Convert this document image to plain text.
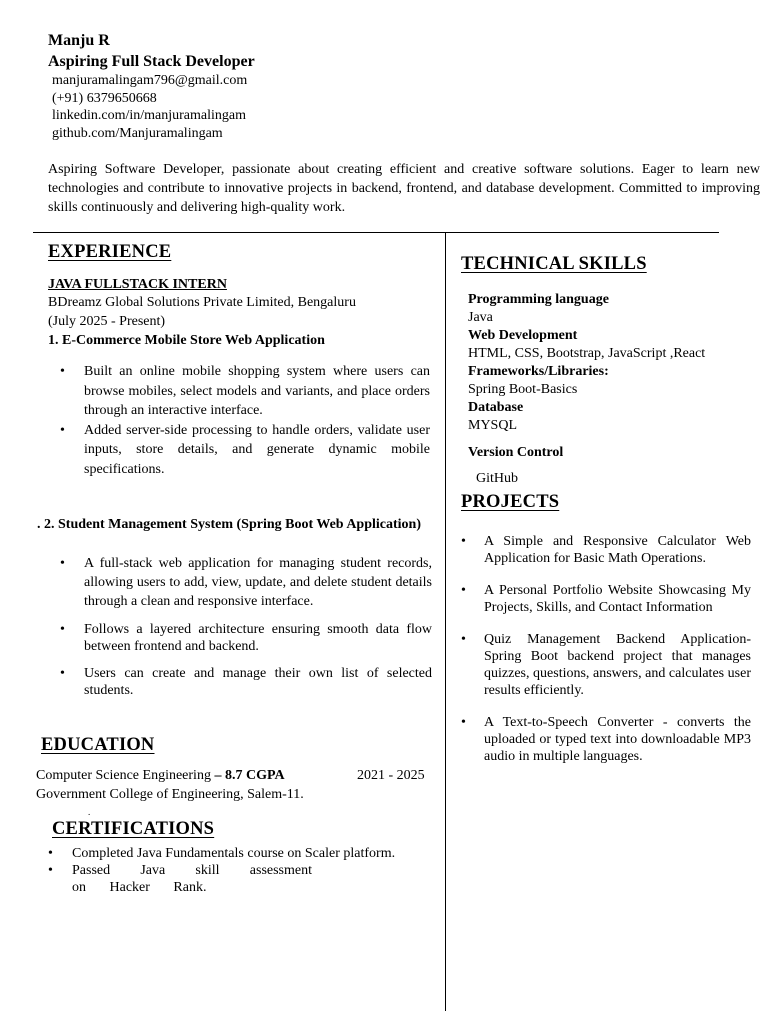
Manju R
Aspiring Full Stack Developer
manjuramalingam796@gmail.com
(+91) 6379650668
linkedin.com/in/manjuramalingam
github.com/Manjuramalingam
Aspiring Software Developer, passionate about creating efficient and creative software solutions. Eager to learn new technologies and contribute to innovative projects in backend, frontend, and database development. Committed to improving skills continuously and delivering high-quality work.
EXPERIENCE
JAVA FULLSTACK INTERN
BDreamz Global Solutions Private Limited, Bengaluru
(July 2025 - Present)
1. E-Commerce Mobile Store Web Application
• Built an online mobile shopping system where users can browse mobiles, select models and variants, and place orders through an interactive interface.
• Added server-side processing to handle orders, validate user inputs, store details, and generate dynamic mobile specifications.
. 2. Student Management System (Spring Boot Web Application)
• A full-stack web application for managing student records, allowing users to add, view, update, and delete student details through a clean and responsive interface.
• Follows a layered architecture ensuring smooth data flow between frontend and backend.
• Users can create and manage their own list of selected students.
EDUCATION
Computer Science Engineering – 8.7 CGPA	2021 - 2025
Government College of Engineering, Salem-11.
.
CERTIFICATIONS
• Completed Java Fundamentals course on Scaler platform.
• Passed Java skill assessment on Hacker Rank.
TECHNICAL SKILLS
Programming language
Java
Web Development
HTML, CSS, Bootstrap, JavaScript ,React
Frameworks/Libraries:
Spring Boot-Basics
Database
MYSQL
Version Control
GitHub
PROJECTS
• A Simple and Responsive Calculator Web Application for Basic Math Operations.
• A Personal Portfolio Website Showcasing My Projects, Skills, and Contact Information
• Quiz Management Backend Application- Spring Boot backend project that manages quizzes, questions, answers, and calculates user results efficiently.
• A Text-to-Speech Converter - converts the uploaded or typed text into downloadable MP3 audio in multiple languages.
